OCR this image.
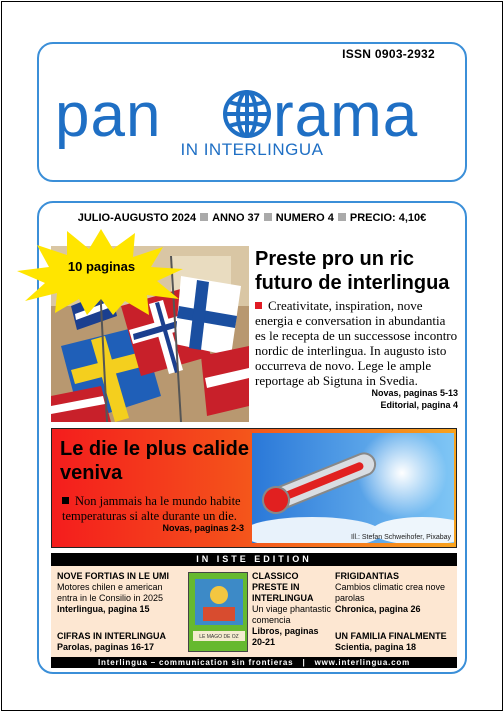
ISSN 0903-2932
pan rama
IN INTERLINGUA
JULIO-AUGUSTO 2024 ANNO 37 NUMERO 4 PRECIO: 4,10€
10 paginas	Preste pro un ric futuro de interlingua
Creativitate, inspiration, nove energia e conversation in abundantia es le recepta de un successose incontro nordic de interlingua. In augusto isto occurreva de novo. Lege le ample reportage ab Sigtuna in Svedia.
Novas, paginas 5-13
Editorial, pagina 4
Le die le plus calide veniva
Non jammais ha le mundo habite temperaturas si alte durante un die.
Novas, paginas 2-3
Ill.: Stefan Schweihofer, Pixabay
IN ISTE EDITION
NOVE FORTIAS IN LE UMI
Motores chilen e american entra in le Consilio in 2025
Interlingua, pagina 15
CIFRAS IN INTERLINGUA
Parolas, paginas 16-17
LE MAGO DE OZ
CLASSICO PRESTE IN INTERLINGUA
Un viage phantastic comencia
Libros, paginas 20-21
FRIGIDANTIAS
Cambios climatic crea nove parolas
Chronica, pagina 26
UN FAMILIA FINALMENTE
Scientia, pagina 18
Interlingua – communication sin frontieras   |   www.interlingua.com
